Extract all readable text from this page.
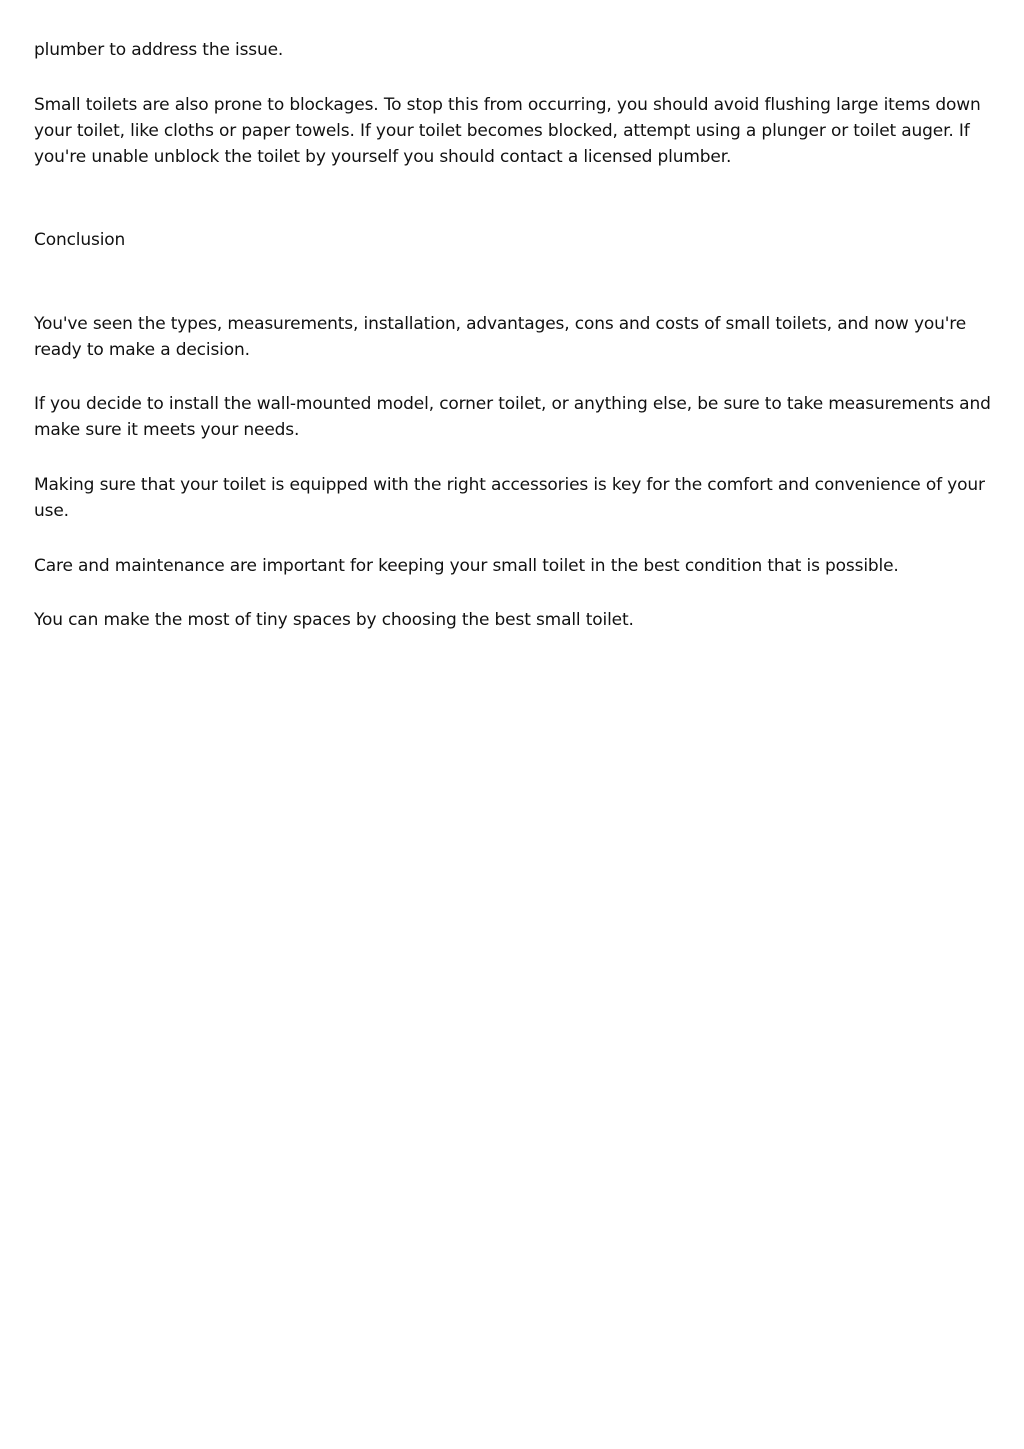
plumber to address the issue.

Small toilets are also prone to blockages. To stop this from occurring, you should avoid flushing large items down your toilet, like cloths or paper towels. If your toilet becomes blocked, attempt using a plunger or toilet auger. If you're unable unblock the toilet by yourself you should contact a licensed plumber.

Conclusion

You've seen the types, measurements, installation, advantages, cons and costs of small toilets, and now you're ready to make a decision.

If you decide to install the wall-mounted model, corner toilet, or anything else, be sure to take measurements and make sure it meets your needs.

Making sure that your toilet is equipped with the right accessories is key for the comfort and convenience of your use.

Care and maintenance are important for keeping your small toilet in the best condition that is possible.

You can make the most of tiny spaces by choosing the best small toilet.
